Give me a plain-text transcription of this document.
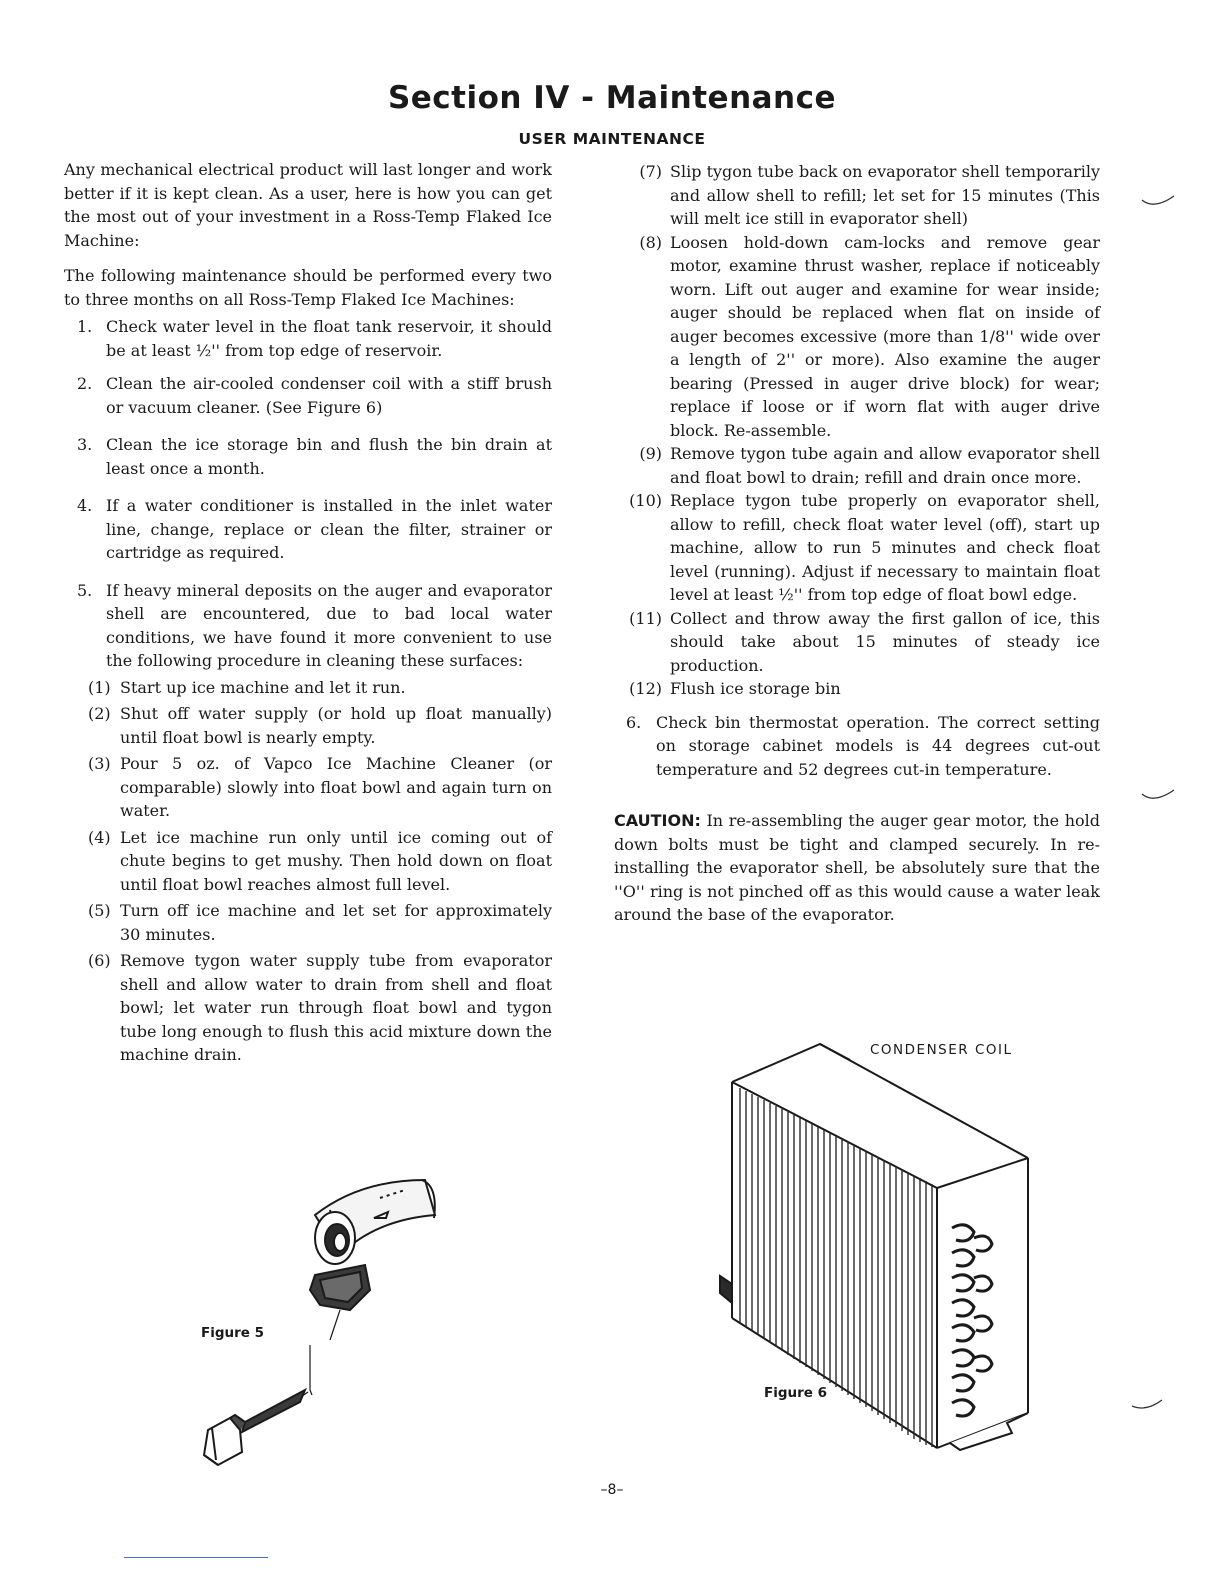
Section IV - Maintenance
USER MAINTENANCE

Any mechanical electrical product will last longer and work better if it is kept clean. As a user, here is how you can get the most out of your investment in a Ross-Temp Flaked Ice Machine:

The following maintenance should be performed every two to three months on all Ross-Temp Flaked Ice Machines:

1. Check water level in the float tank reservoir, it should be at least ½'' from top edge of reservoir.
2. Clean the air-cooled condenser coil with a stiff brush or vacuum cleaner. (See Figure 6)
3. Clean the ice storage bin and flush the bin drain at least once a month.
4. If a water conditioner is installed in the inlet water line, change, replace or clean the filter, strainer or cartridge as required.
5. If heavy mineral deposits on the auger and evaporator shell are encountered, due to bad local water conditions, we have found it more convenient to use the following procedure in cleaning these surfaces:
(1) Start up ice machine and let it run.
(2) Shut off water supply (or hold up float manually) until float bowl is nearly empty.
(3) Pour 5 oz. of Vapco Ice Machine Cleaner (or comparable) slowly into float bowl and again turn on water.
(4) Let ice machine run only until ice coming out of chute begins to get mushy. Then hold down on float until float bowl reaches almost full level.
(5) Turn off ice machine and let set for approximately 30 minutes.
(6) Remove tygon water supply tube from evaporator shell and allow water to drain from shell and float bowl; let water run through float bowl and tygon tube long enough to flush this acid mixture down the machine drain.
(7) Slip tygon tube back on evaporator shell temporarily and allow shell to refill; let set for 15 minutes (This will melt ice still in evaporator shell)
(8) Loosen hold-down cam-locks and remove gear motor, examine thrust washer, replace if noticeably worn. Lift out auger and examine for wear inside; auger should be replaced when flat on inside of auger becomes excessive (more than 1/8'' wide over a length of 2'' or more). Also examine the auger bearing (Pressed in auger drive block) for wear; replace if loose or if worn flat with auger drive block. Re-assemble.
(9) Remove tygon tube again and allow evaporator shell and float bowl to drain; refill and drain once more.
(10) Replace tygon tube properly on evaporator shell, allow to refill, check float water level (off), start up machine, allow to run 5 minutes and check float level (running). Adjust if necessary to maintain float level at least ½'' from top edge of float bowl edge.
(11) Collect and throw away the first gallon of ice, this should take about 15 minutes of steady ice production.
(12) Flush ice storage bin
6. Check bin thermostat operation. The correct setting on storage cabinet models is 44 degrees cut-out temperature and 52 degrees cut-in temperature.

CAUTION: In re-assembling the auger gear motor, the hold down bolts must be tight and clamped securely. In re-installing the evaporator shell, be absolutely sure that the ''O'' ring is not pinched off as this would cause a water leak around the base of the evaporator.

Figure 5
CONDENSER COIL
Figure 6
–8–
